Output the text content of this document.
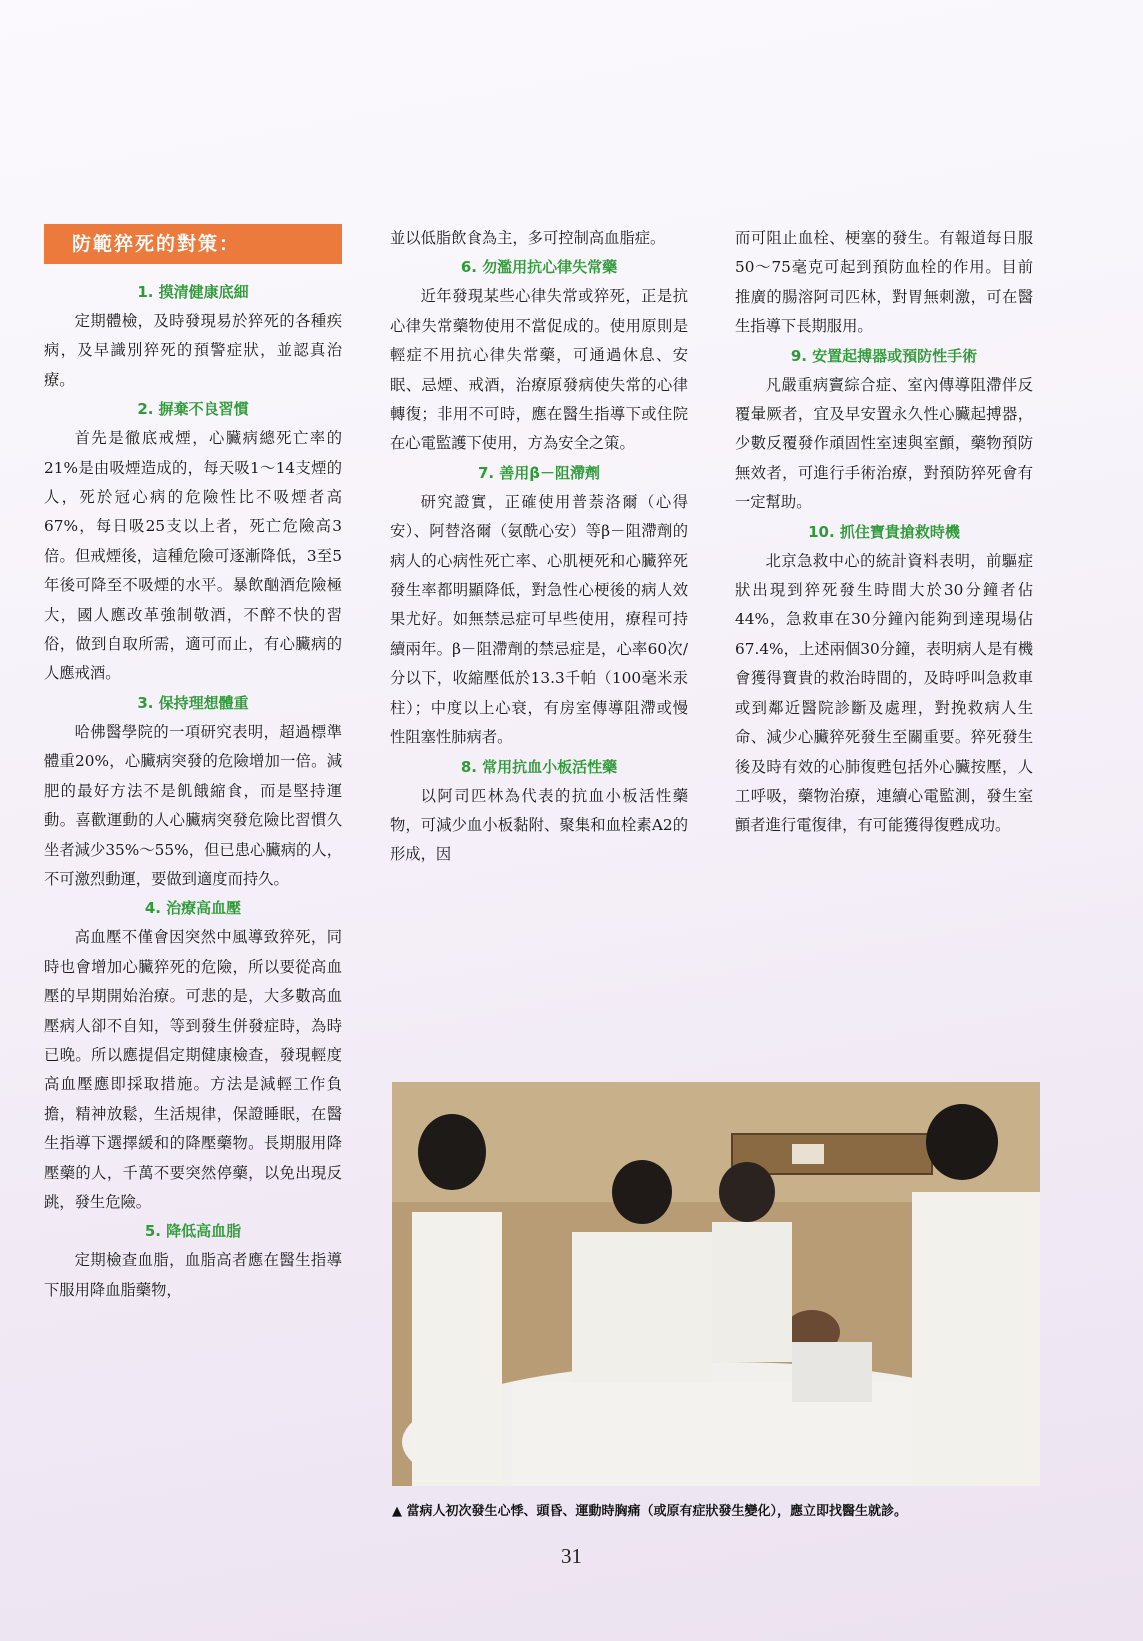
防範猝死的對策：

1. 摸清健康底細

定期體檢，及時發現易於猝死的各種疾病，及早識別猝死的預警症狀，並認真治療。

2. 摒棄不良習慣

首先是徹底戒煙，心臟病總死亡率的21%是由吸煙造成的，每天吸1～14支煙的人，死於冠心病的危險性比不吸煙者高67%，每日吸25支以上者，死亡危險高3倍。但戒煙後，這種危險可逐漸降低，3至5年後可降至不吸煙的水平。暴飲酗酒危險極大，國人應改革強制敬酒，不醉不快的習俗，做到自取所需，適可而止，有心臟病的人應戒酒。

3. 保持理想體重

哈佛醫學院的一項研究表明，超過標準體重20%，心臟病突發的危險增加一倍。減肥的最好方法不是飢餓縮食，而是堅持運動。喜歡運動的人心臟病突發危險比習慣久坐者減少35%～55%，但已患心臟病的人，不可激烈動運，要做到適度而持久。

4. 治療高血壓

高血壓不僅會因突然中風導致猝死，同時也會增加心臟猝死的危險，所以要從高血壓的早期開始治療。可悲的是，大多數高血壓病人卻不自知，等到發生併發症時，為時已晚。所以應提倡定期健康檢查，發現輕度高血壓應即採取措施。方法是減輕工作負擔，精神放鬆，生活規律，保證睡眠，在醫生指導下選擇緩和的降壓藥物。長期服用降壓藥的人，千萬不要突然停藥，以免出現反跳，發生危險。

5. 降低高血脂

定期檢查血脂，血脂高者應在醫生指導下服用降血脂藥物，

並以低脂飲食為主，多可控制高血脂症。

6. 勿濫用抗心律失常藥

近年發現某些心律失常或猝死，正是抗心律失常藥物使用不當促成的。使用原則是輕症不用抗心律失常藥，可通過休息、安眠、忌煙、戒酒，治療原發病使失常的心律轉復；非用不可時，應在醫生指導下或住院在心電監護下使用，方為安全之策。

7. 善用β－阻滯劑

研究證實，正確使用普萘洛爾（心得安）、阿替洛爾（氨酰心安）等β－阻滯劑的病人的心病性死亡率、心肌梗死和心臟猝死發生率都明顯降低，對急性心梗後的病人效果尤好。如無禁忌症可早些使用，療程可持續兩年。β－阻滯劑的禁忌症是，心率60次/分以下，收縮壓低於13.3千帕（100毫米汞柱）；中度以上心衰，有房室傳導阻滯或慢性阻塞性肺病者。

8. 常用抗血小板活性藥

以阿司匹林為代表的抗血小板活性藥物，可減少血小板黏附、聚集和血栓素A2的形成，因

而可阻止血栓、梗塞的發生。有報道每日服50～75毫克可起到預防血栓的作用。目前推廣的腸溶阿司匹林，對胃無刺激，可在醫生指導下長期服用。

9. 安置起搏器或預防性手術

凡嚴重病竇綜合症、室內傳導阻滯伴反覆暈厥者，宜及早安置永久性心臟起搏器，少數反覆發作頑固性室速與室顫，藥物預防無效者，可進行手術治療，對預防猝死會有一定幫助。

10. 抓住寶貴搶救時機

北京急救中心的統計資料表明，前驅症狀出現到猝死發生時間大於30分鐘者佔44%，急救車在30分鐘內能夠到達現場佔67.4%，上述兩個30分鐘，表明病人是有機會獲得寶貴的救治時間的，及時呼叫急救車或到鄰近醫院診斷及處理，對挽救病人生命、減少心臟猝死發生至關重要。猝死發生後及時有效的心肺復甦包括外心臟按壓，人工呼吸，藥物治療，連續心電監測，發生室顫者進行電復律，有可能獲得復甦成功。

▲ 當病人初次發生心悸、頭昏、運動時胸痛（或原有症狀發生變化），應立即找醫生就診。
31
